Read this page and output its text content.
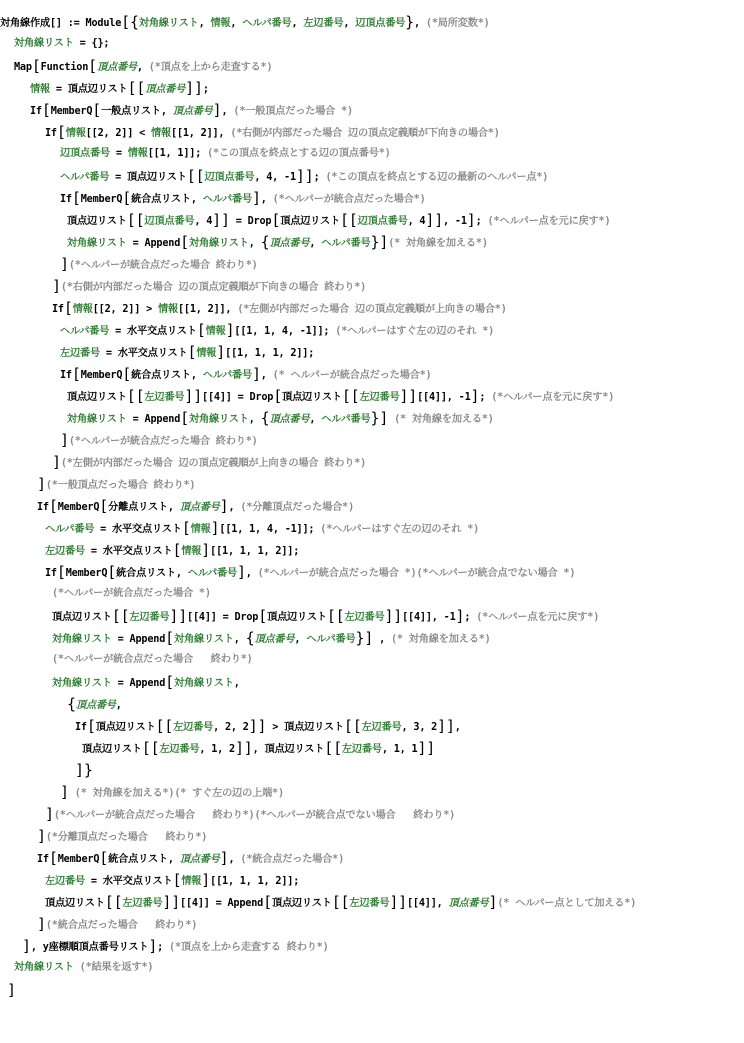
対角線作成[] := Module[{対角線リスト, 情報, ヘルパ番号, 左辺番号, 辺頂点番号}, (*局所変数*)
対角線リスト = {};
Map[Function[頂点番号, (*頂点を上から走査する*)
情報 = 頂点辺リスト[[頂点番号]];
If[MemberQ[一般点リスト, 頂点番号], (*一般頂点だった場合 *)
If[情報[[2, 2]] < 情報[[1, 2]], (*右側が内部だった場合 辺の頂点定義順が下向きの場合*)
辺頂点番号 = 情報[[1, 1]]; (*この頂点を終点とする辺の頂点番号*)
ヘルパ番号 = 頂点辺リスト[[辺頂点番号, 4, -1]]; (*この頂点を終点とする辺の最新のヘルパー点*)
If[MemberQ[統合点リスト, ヘルパ番号], (*ヘルパーが統合点だった場合*)
頂点辺リスト[[辺頂点番号, 4]] = Drop[頂点辺リスト[[辺頂点番号, 4]], -1]; (*ヘルパー点を元に戻す*)
対角線リスト = Append[対角線リスト, {頂点番号, ヘルパ番号}](* 対角線を加える*)
](*ヘルパーが統合点だった場合 終わり*)
](*右側が内部だった場合 辺の頂点定義順が下向きの場合 終わり*)
If[情報[[2, 2]] > 情報[[1, 2]], (*左側が内部だった場合 辺の頂点定義順が上向きの場合*)
ヘルパ番号 = 水平交点リスト[情報][[1, 1, 4, -1]]; (*ヘルパーはすぐ左の辺のそれ *)
左辺番号 = 水平交点リスト[情報][[1, 1, 1, 2]];
If[MemberQ[統合点リスト, ヘルパ番号], (* ヘルパーが統合点だった場合*)
頂点辺リスト[[左辺番号]][[4]] = Drop[頂点辺リスト[[左辺番号]][[4]], -1]; (*ヘルパー点を元に戻す*)
対角線リスト = Append[対角線リスト, {頂点番号, ヘルパ番号}] (* 対角線を加える*)
](*ヘルパーが統合点だった場合 終わり*)
](*左側が内部だった場合 辺の頂点定義順が上向きの場合 終わり*)
](*一般頂点だった場合 終わり*)
If[MemberQ[分離点リスト, 頂点番号], (*分離頂点だった場合*)
ヘルパ番号 = 水平交点リスト[情報][[1, 1, 4, -1]]; (*ヘルパーはすぐ左の辺のそれ *)
左辺番号 = 水平交点リスト[情報][[1, 1, 1, 2]];
If[MemberQ[統合点リスト, ヘルパ番号], (*ヘルパーが統合点だった場合 *)(*ヘルパーが統合点でない場合 *)
(*ヘルパーが統合点だった場合 *)
頂点辺リスト[[左辺番号]][[4]] = Drop[頂点辺リスト[[左辺番号]][[4]], -1]; (*ヘルパー点を元に戻す*)
対角線リスト = Append[対角線リスト, {頂点番号, ヘルパ番号}] , (* 対角線を加える*)
(*ヘルパーが統合点だった場合   終わり*)
対角線リスト = Append[対角線リスト,
{頂点番号,
If[頂点辺リスト[[左辺番号, 2, 2]] > 頂点辺リスト[[左辺番号, 3, 2]],
頂点辺リスト[[左辺番号, 1, 2]], 頂点辺リスト[[左辺番号, 1, 1]]
]}
] (* 対角線を加える*)(* すぐ左の辺の上端*)
](*ヘルパーが統合点だった場合   終わり*)(*ヘルパーが統合点でない場合   終わり*)
](*分離頂点だった場合   終わり*)
If[MemberQ[統合点リスト, 頂点番号], (*統合点だった場合*)
左辺番号 = 水平交点リスト[情報][[1, 1, 1, 2]];
頂点辺リスト[[左辺番号]][[4]] = Append[頂点辺リスト[[左辺番号]][[4]], 頂点番号](* ヘルパー点として加える*)
](*統合点だった場合   終わり*)
], y座標順頂点番号リスト]; (*頂点を上から走査する 終わり*)
対角線リスト (*結果を返す*)
]
